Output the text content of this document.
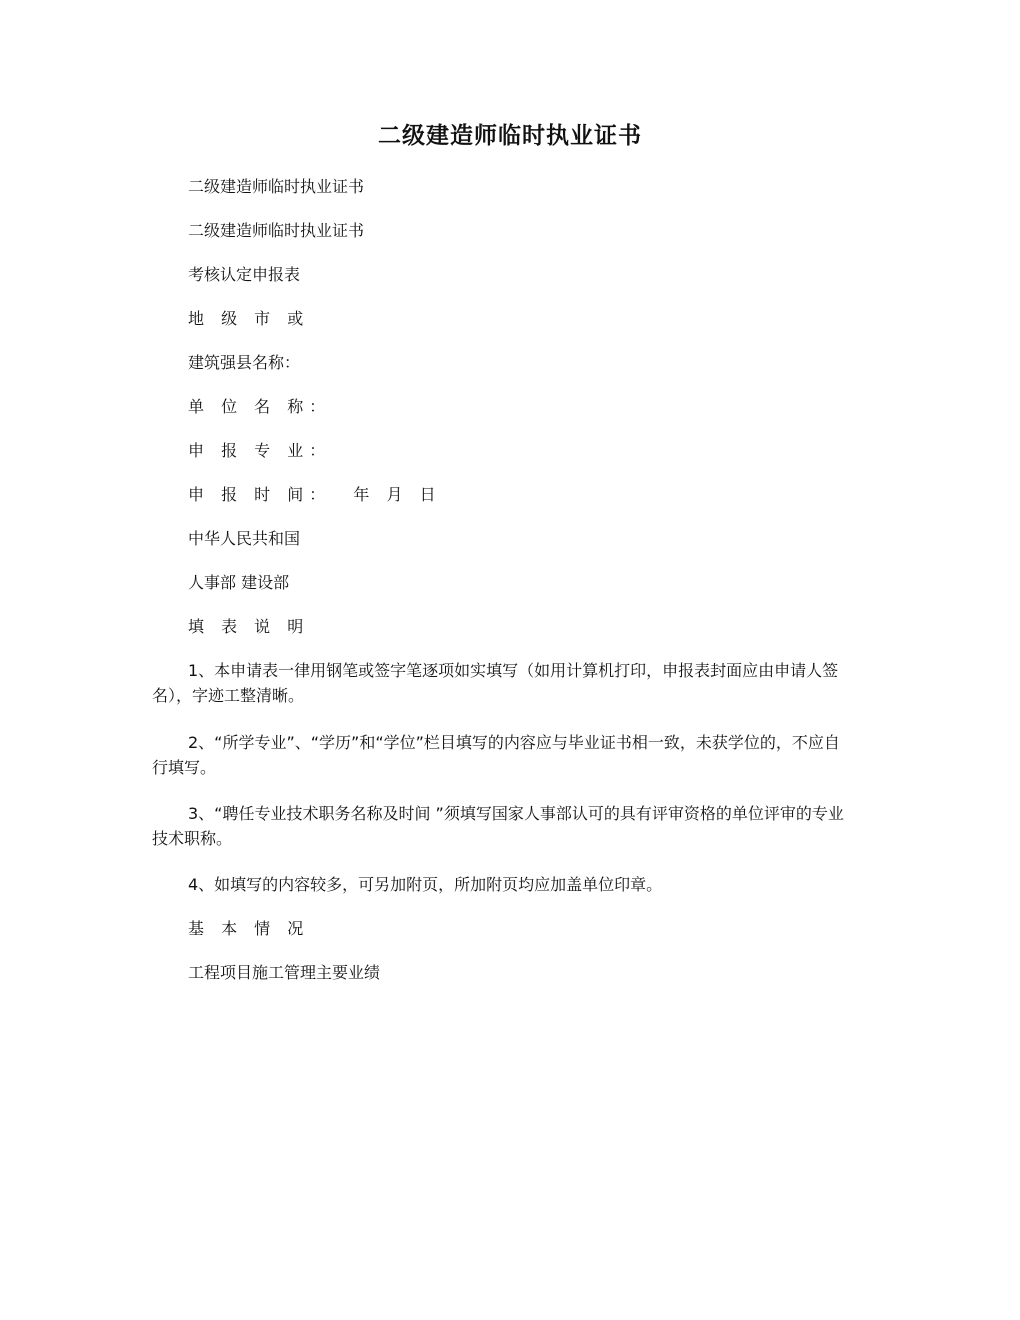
二级建造师临时执业证书
二级建造师临时执业证书
二级建造师临时执业证书
考核认定申报表
地 级 市 或
建筑强县名称：
单 位 名 称：
申 报 专 业：
申 报 时 间：  年 月 日
中华人民共和国
人事部 建设部
填 表 说 明
1、本申请表一律用钢笔或签字笔逐项如实填写（如用计算机打印，申报表封面应由申请人签名），字迹工整清晰。
2、“所学专业”、“学历”和“学位”栏目填写的内容应与毕业证书相一致，未获学位的，不应自行填写。
3、“聘任专业技术职务名称及时间 ”须填写国家人事部认可的具有评审资格的单位评审的专业技术职称。
4、如填写的内容较多，可另加附页，所加附页均应加盖单位印章。
基 本 情 况
工程项目施工管理主要业绩
